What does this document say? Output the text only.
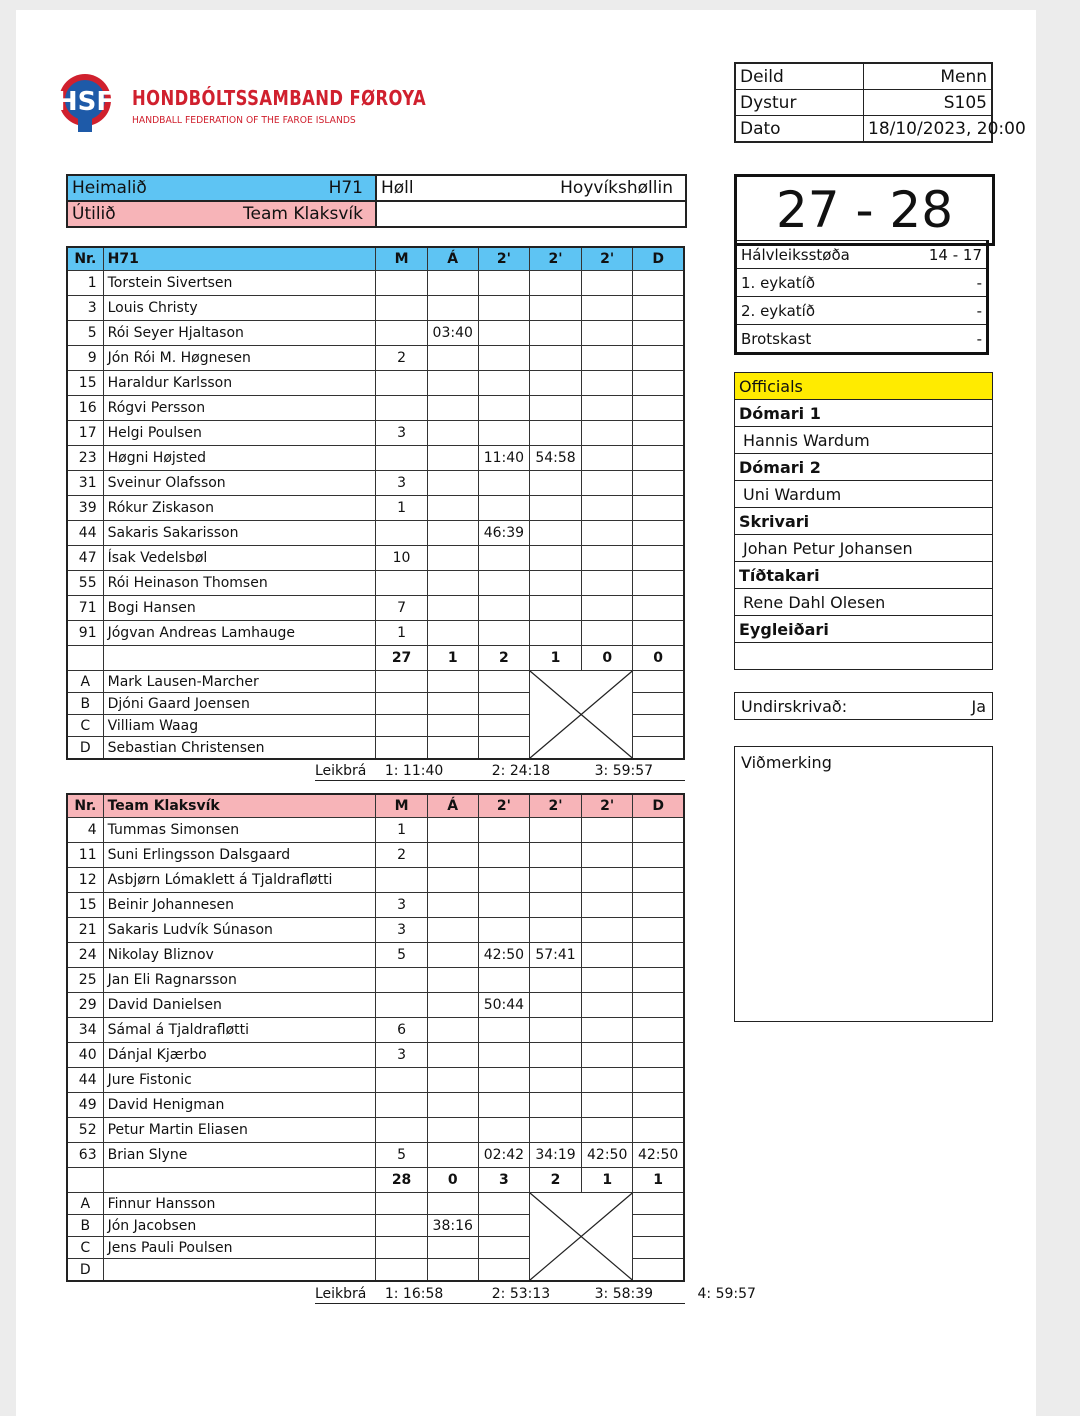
HSF HONDBÓLTSSAMBAND FØROYA
HANDBALL FEDERATION OF THE FAROE ISLANDS
Deild	Menn
Dystur	S105
Dato	18/10/2023, 20:00
Heimalið H71	Høll Hoyvíkshøllin

Útilið Team Klaksvík	
		27 - 28
Hálvleiksstøða	14 - 17
1. eykatíð	-
2. eykatíð	-
Brotskast	-
Nr.	H71	M	Á	2'	2'	2'	D
1	Torstein Sivertsen						
3	Louis Christy						
5	Rói Seyer Hjaltason		03:40				
9	Jón Rói M. Høgnesen	2					
15	Haraldur Karlsson						
16	Rógvi Persson						
17	Helgi Poulsen	3					
23	Høgni Højsted			11:40	54:58		
31	Sveinur Olafsson	3					
39	Rókur Ziskason	1					
44	Sakaris Sakarisson			46:39			
47	Ísak Vedelsbøl	10					
55	Rói Heinason Thomsen						
71	Bogi Hansen	7					
91	Jógvan Andreas Lamhauge	1					
		27	1	2	1	0	0
A	Mark Lausen-Marcher				

B	Djóni Gaard Joensen						
C	Villiam Waag						
D	Sebastian Christensen						
Leikbrá 1: 11:40	2: 24:18	3: 59:57
Nr.	Team Klaksvík	M	Á	2'	2'	2'	D
4	Tummas Simonsen	1					
11	Suni Erlingsson Dalsgaard	2					
12	Asbjørn Lómaklett á Tjaldrafløtti						
15	Beinir Johannesen	3					
21	Sakaris Ludvík Súnason	3					
24	Nikolay Bliznov	5		42:50	57:41		
25	Jan Eli Ragnarsson						
29	David Danielsen			50:44			
34	Sámal á Tjaldrafløtti	6					
40	Dánjal Kjærbo	3					
44	Jure Fistonic						
49	David Henigman						
52	Petur Martin Eliasen						
63	Brian Slyne	5		02:42	34:19	42:50	42:50
		28	0	3	2	1	1
A	Finnur Hansson				

B	Jón Jacobsen		38:16				
C	Jens Pauli Poulsen						
D							
Leikbrá 1: 16:58	2: 53:13	3: 58:39	4: 59:57
Officials
Dómari 1
Hannis Wardum
Dómari 2
Uni Wardum
Skrivari
Johan Petur Johansen
Tíðtakari
Rene Dahl Olesen
Eygleiðari

Undirskrivað:	Ja
Viðmerking
